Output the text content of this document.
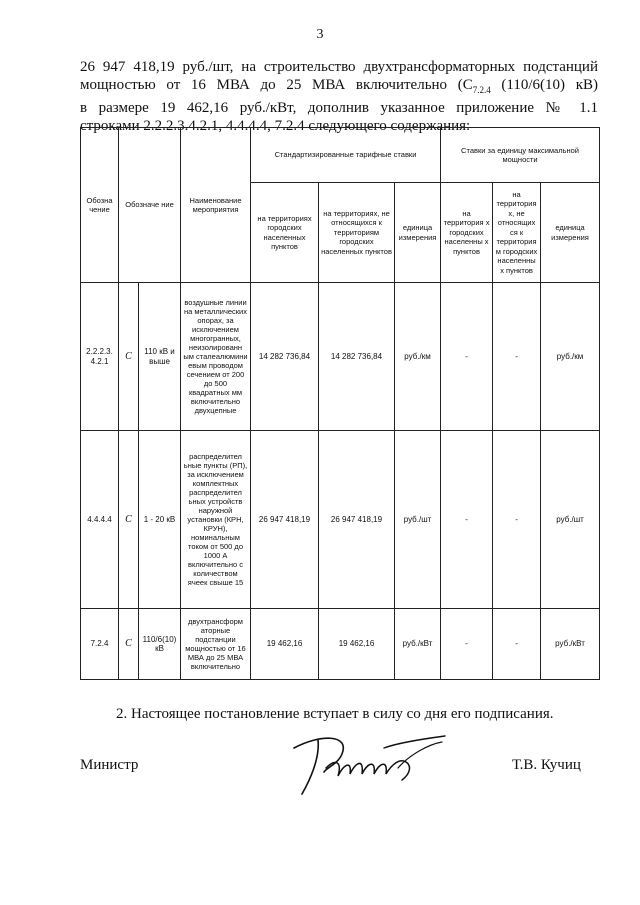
3
26 947 418,19 руб./шт, на строительство двухтрансформаторных подстанций
мощностью от 16 МВА до 25 МВА включительно ($С_{7.2.4}$ (110/6(10) кВ)
в размере 19 462,16 руб./кВт, дополнив указанное приложение № 1.1
строками 2.2.2.3.4.2.1, 4.4.4.4, 7.2.4 следующего содержания:
Обозна чение	Обозначе ние		Наименование мероприятия	Стандартизированные тарифные ставки			Ставки за единицу максимальной мощности		
				на территориях городских населенных пунктов	на территориях, не относящихся к территориям городских населенных пунктов	единица измерения	на территория х городских населенны х пунктов	на территория х, не относящих ся к территория м городских населенны х пунктов	единица измерения
2.2.2.3. 4.2.1	С	110 кВ и выше	воздушные линии на металлических опорах, за исключением многогранных, неизолированн ым сталеалюмини евым проводом сечением от 200 до 500 квадратных мм включительно двухцепные	14 282 736,84	14 282 736,84	руб./км	-	-	руб./км
4.4.4.4	С	1 - 20 кВ	распределител ьные пункты (РП), за исключением комплектных распределител ьных устройств наружной установки (КРН, КРУН), номинальным током от 500 до 1000 А включительно с количеством ячеек свыше 15	26 947 418,19	26 947 418,19	руб./шт	-	-	руб./шт
7.2.4	С	110/6(10) кВ	двухтрансформ аторные подстанции мощностью от 16 МВА до 25 МВА включительно	19 462,16	19 462,16	руб./кВт	-	-	руб./кВт
2. Настоящее постановление вступает в силу со дня его подписания.
Министр	Т.В. Кучиц
